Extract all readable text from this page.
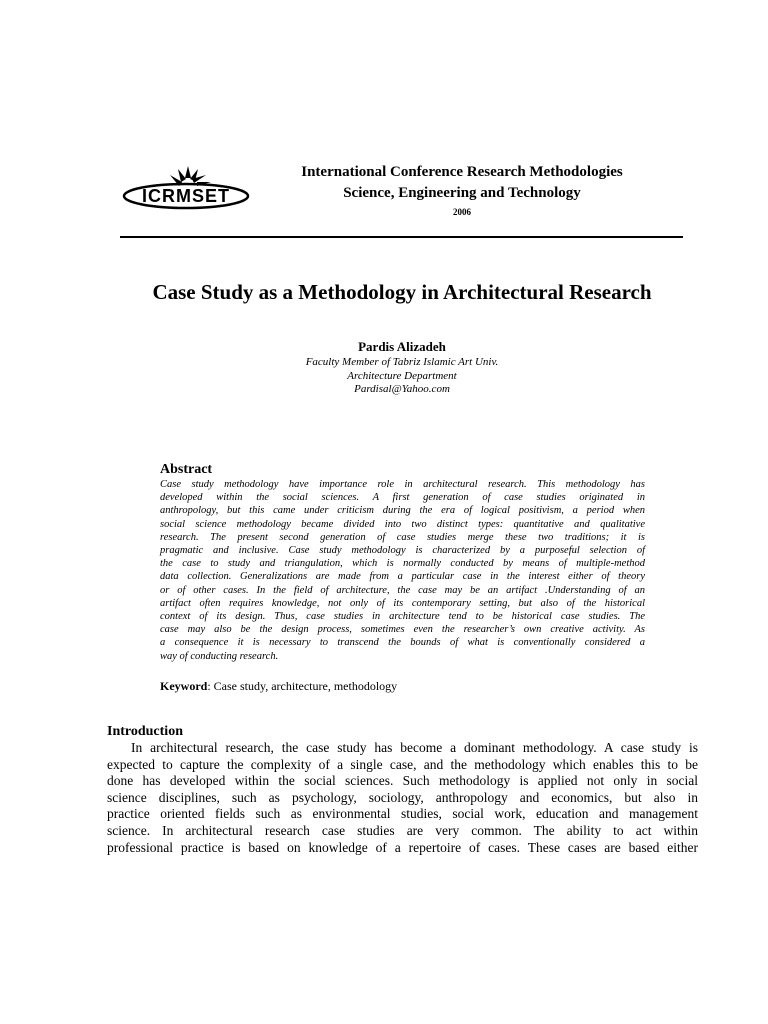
ICRMSET
International Conference Research Methodologies
Science, Engineering and Technology
2006
Case Study as a Methodology in Architectural Research
Pardis Alizadeh
Faculty Member of Tabriz Islamic Art Univ.
Architecture Department
Pardisal@Yahoo.com
Abstract
Case study methodology have importance role in architectural research. This methodology has
developed within the social sciences. A first generation of case studies originated in
anthropology, but this came under criticism during the era of logical positivism, a period when
social science methodology became divided into two distinct types: quantitative and qualitative
research. The present second generation of case studies merge these two traditions; it is
pragmatic and inclusive. Case study methodology is characterized by a purposeful selection of
the case to study and triangulation, which is normally conducted by means of multiple-method
data collection. Generalizations are made from a particular case in the interest either of theory
or of other cases. In the field of architecture, the case may be an artifact .Understanding of an
artifact often requires knowledge, not only of its contemporary setting, but also of the historical
context of its design. Thus, case studies in architecture tend to be historical case studies. The
case may also be the design process, sometimes even the researcher’s own creative activity. As
a consequence it is necessary to transcend the bounds of what is conventionally considered a
way of conducting research.
Keyword: Case study, architecture, methodology
Introduction
In architectural research, the case study has become a dominant methodology. A case study is
expected to capture the complexity of a single case, and the methodology which enables this to be
done has developed within the social sciences. Such methodology is applied not only in social
science disciplines, such as psychology, sociology, anthropology and economics, but also in
practice oriented fields such as environmental studies, social work, education and management
science. In architectural research case studies are very common. The ability to act within
professional practice is based on knowledge of a repertoire of cases. These cases are based either
